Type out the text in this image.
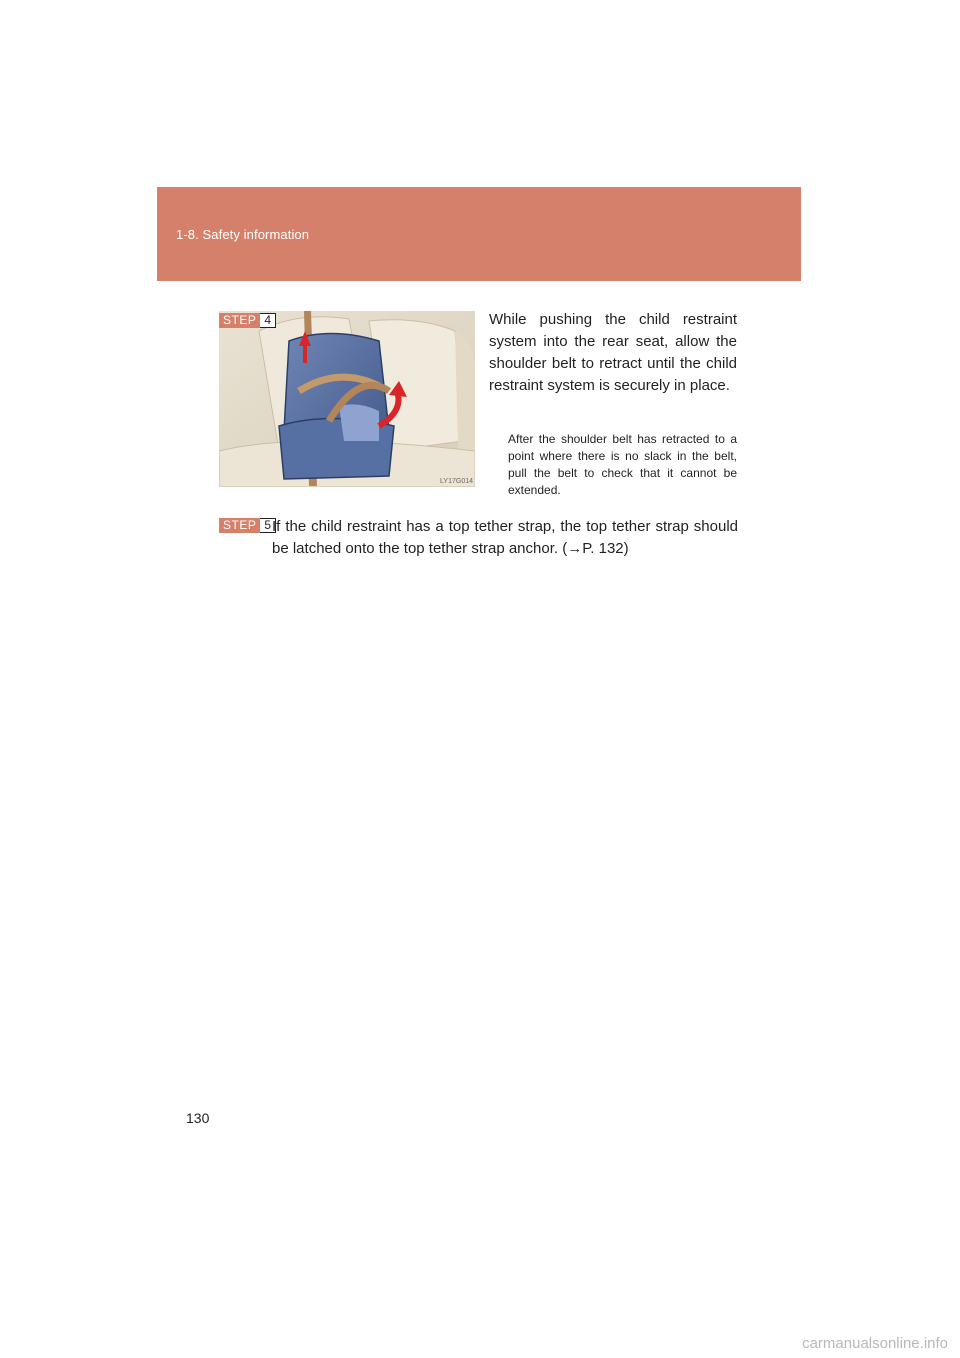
1-8. Safety information
LY17G014
STEP 4	While pushing the child restraint system into the rear seat, allow the shoulder belt to retract until the child restraint system is securely in place.
After the shoulder belt has retracted to a point where there is no slack in the belt, pull the belt to check that it cannot be extended.
STEP 5 If the child restraint has a top tether strap, the top tether strap should be latched onto the top tether strap anchor. (→P. 132)
130
carmanualsonline.info
